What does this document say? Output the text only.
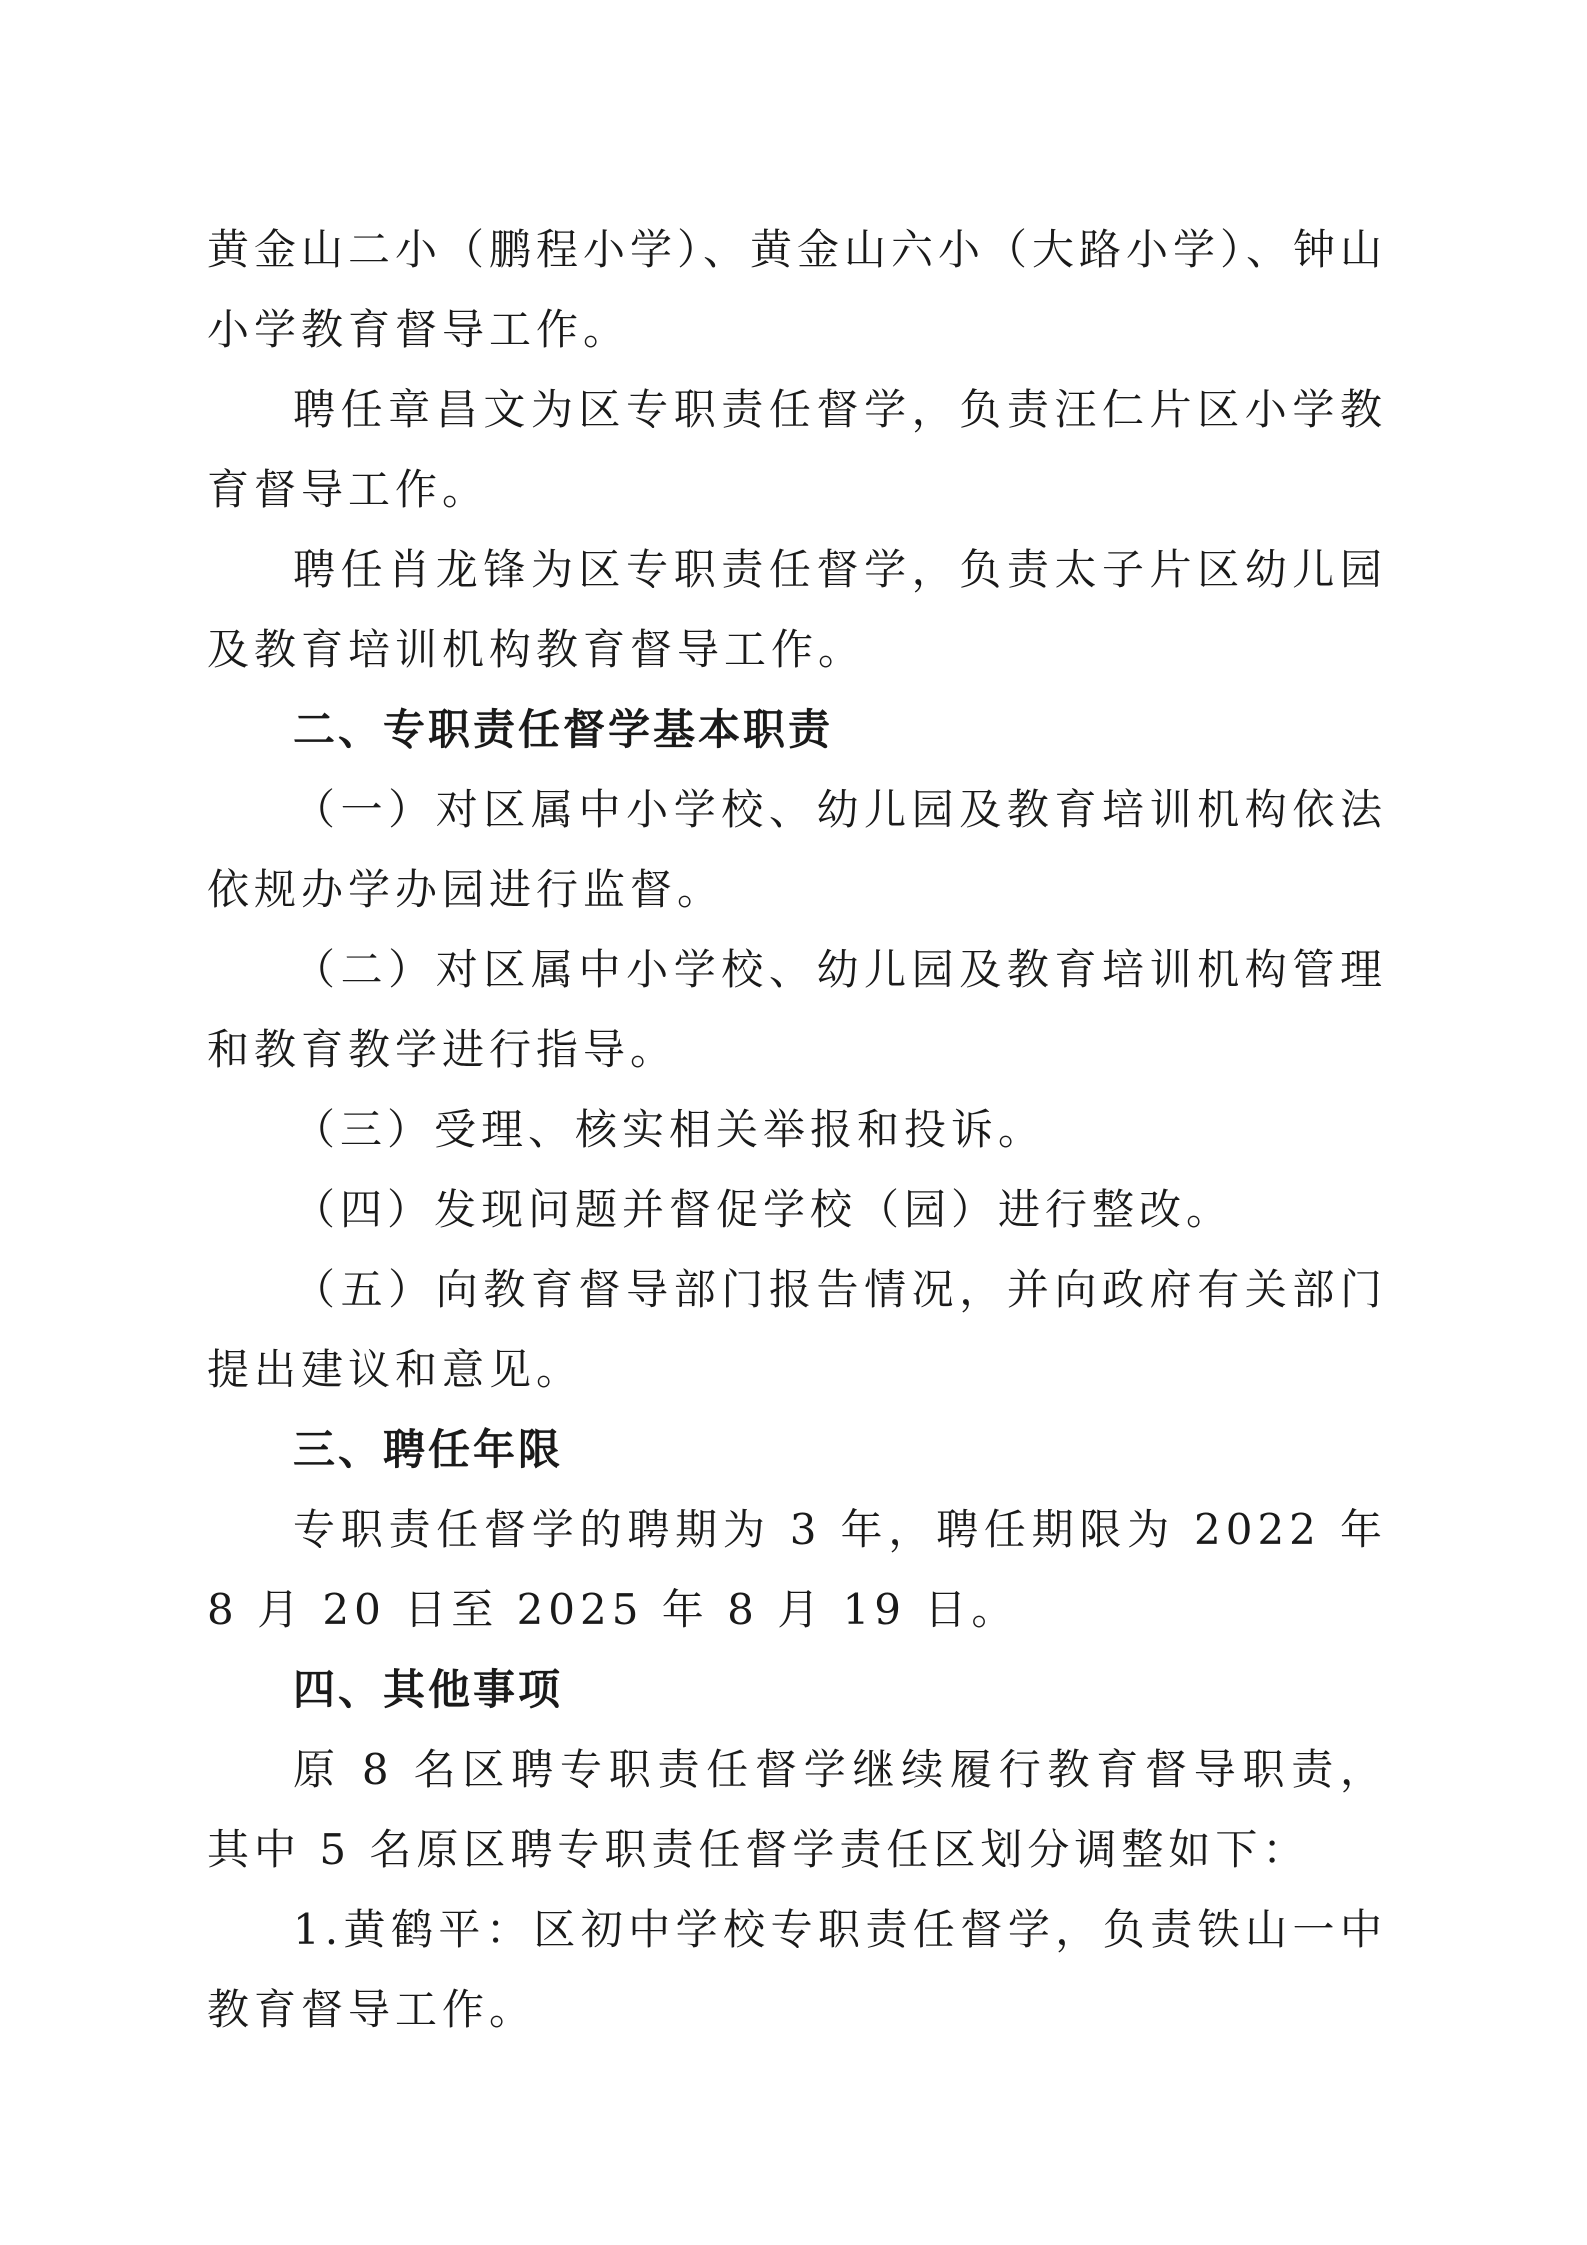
黄金山二小（鹏程小学）、黄金山六小（大路小学）、钟山小学教育督导工作。

聘任章昌文为区专职责任督学，负责汪仁片区小学教育督导工作。

聘任肖龙锋为区专职责任督学，负责太子片区幼儿园及教育培训机构教育督导工作。

二、专职责任督学基本职责

（一）对区属中小学校、幼儿园及教育培训机构依法依规办学办园进行监督。

（二）对区属中小学校、幼儿园及教育培训机构管理和教育教学进行指导。

（三）受理、核实相关举报和投诉。

（四）发现问题并督促学校（园）进行整改。

（五）向教育督导部门报告情况，并向政府有关部门提出建议和意见。

三、聘任年限

专职责任督学的聘期为 3 年，聘任期限为 2022 年 8 月 20 日至 2025 年 8 月 19 日。

四、其他事项

原 8 名区聘专职责任督学继续履行教育督导职责，其中 5 名原区聘专职责任督学责任区划分调整如下：

1.黄鹤平：区初中学校专职责任督学，负责铁山一中教育督导工作。
